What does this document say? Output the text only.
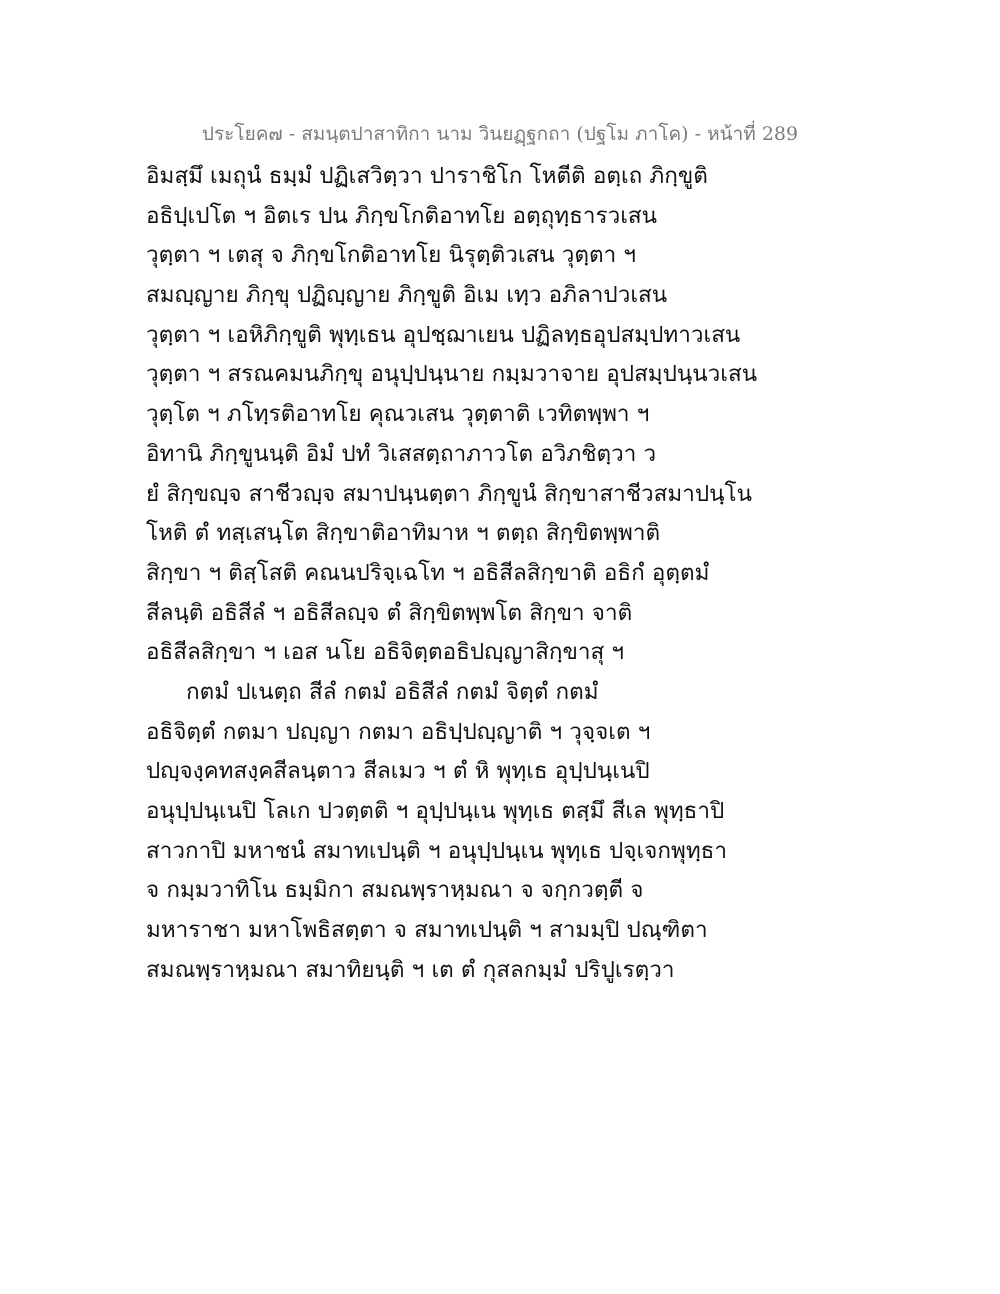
ประโยค๗ - สมนฺตปาสาทิกา นาม วินยฏฺฐกถา (ปฐโม ภาโค) - หน้าที่ 289
อิมสฺมึ เมถุนํ ธมฺมํ ปฏิเสวิตฺวา ปาราชิโก โหตีติ อตฺเถ ภิกฺขูติ
อธิปฺเปโต ฯ อิตเร ปน ภิกฺขโกติอาทโย อตฺถุทฺธารวเสน
วุตฺตา ฯ เตสุ จ ภิกฺขโกติอาทโย นิรุตฺติวเสน วุตฺตา ฯ
สมญฺญาย ภิกฺขุ ปฏิญฺญาย ภิกฺขูติ อิเม เทฺว อภิลาปวเสน
วุตฺตา ฯ เอหิภิกฺขูติ พุทฺเธน อุปชฺฌาเยน ปฏิลทฺธอุปสมฺปทาวเสน
วุตฺตา ฯ สรณคมนภิกฺขุ อนุปฺปนฺนาย กมฺมวาจาย อุปสมฺปนฺนวเสน
วุตฺโต ฯ ภโทฺรติอาทโย คุณวเสน วุตฺตาติ เวทิตพฺพา ฯ
อิทานิ ภิกฺขูนนฺติ อิมํ ปทํ วิเสสตฺถาภาวโต อวิภชิตฺวา ว
ยํ สิกฺขญฺจ สาชีวญฺจ สมาปนฺนตฺตา ภิกฺขูนํ สิกฺขาสาชีวสมาปนฺโน
โหติ ตํ ทสฺเสนฺโต สิกฺขาติอาทิมาห ฯ ตตฺถ สิกฺขิตพฺพาติ
สิกฺขา ฯ ติสฺโสติ คณนปริจฺเฉโท ฯ อธิสีลสิกฺขาติ อธิกํ อุตฺตมํ
สีลนฺติ อธิสีลํ ฯ อธิสีลญฺจ ตํ สิกฺขิตพฺพโต สิกฺขา จาติ
อธิสีลสิกฺขา ฯ เอส นโย อธิจิตฺตอธิปญฺญาสิกฺขาสุ ฯ
กตมํ ปเนตฺถ สีลํ กตมํ อธิสีลํ กตมํ จิตฺตํ กตมํ
อธิจิตฺตํ กตมา ปญฺญา กตมา อธิปฺปญฺญาติ ฯ วุจฺจเต ฯ
ปญฺจงฺคทสงฺคสีลนฺตาว สีลเมว ฯ ตํ หิ พุทฺเธ อุปฺปนฺเนปิ
อนุปฺปนฺเนปิ โลเก ปวตฺตติ ฯ อุปฺปนฺเน พุทฺเธ ตสฺมึ สีเล พุทฺธาปิ
สาวกาปิ มหาชนํ สมาทเปนฺติ ฯ อนุปฺปนฺเน พุทฺเธ ปจฺเจกพุทฺธา
จ กมฺมวาทิโน ธมฺมิกา สมณพฺราหฺมณา จ จกฺกวตฺตี จ
มหาราชา มหาโพธิสตฺตา จ สมาทเปนฺติ ฯ สามมฺปิ ปณฺฑิตา
สมณพฺราหฺมณา สมาทิยนฺติ ฯ เต ตํ กุสลกมฺมํ ปริปูเรตฺวา
